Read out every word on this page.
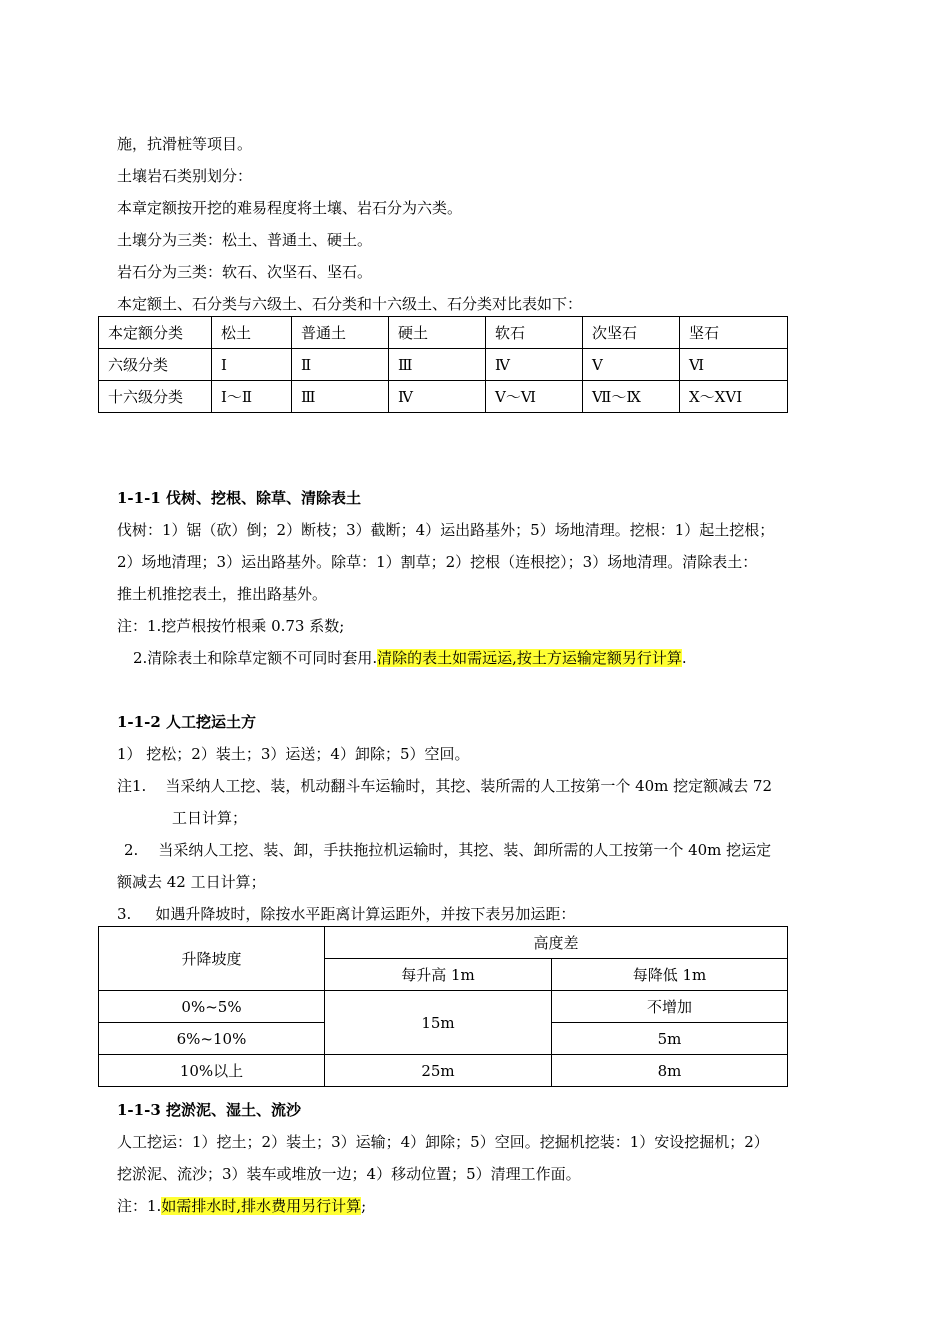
施，抗滑桩等项目。
土壤岩石类别划分：
本章定额按开挖的难易程度将土壤、岩石分为六类。
土壤分为三类：松土、普通土、硬土。
岩石分为三类：软石、次坚石、坚石。
本定额土、石分类与六级土、石分类和十六级土、石分类对比表如下：
本定额分类	松土	普通土	硬土	软石	次坚石	坚石
六级分类	Ⅰ	Ⅱ	Ⅲ	Ⅳ	Ⅴ	Ⅵ
十六级分类	Ⅰ～Ⅱ	Ⅲ	Ⅳ	Ⅴ～Ⅵ	Ⅶ～Ⅸ	Ⅹ～XVI
1-1-1 伐树、挖根、除草、清除表土
伐树：1）锯（砍）倒；2）断枝；3）截断；4）运出路基外；5）场地清理。挖根：1）起土挖根；
2）场地清理；3）运出路基外。除草：1）割草；2）挖根（连根挖）；3）场地清理。清除表土：
推土机推挖表土，推出路基外。
注：1.挖芦根按竹根乘 0.73 系数;
2.清除表土和除草定额不可同时套用.清除的表土如需远运,按土方运输定额另行计算.
1-1-2 人工挖运土方
1） 挖松；2）装土；3）运送；4）卸除；5）空回。
注1. 当采纳人工挖、装，机动翻斗车运输时，其挖、装所需的人工按第一个 40m 挖定额减去 72
工日计算；
2. 当采纳人工挖、装、卸，手扶拖拉机运输时，其挖、装、卸所需的人工按第一个 40m 挖运定
额减去 42 工日计算；
3. 如遇升降坡时，除按水平距离计算运距外，并按下表另加运距：
升降坡度	高度差	
	每升高 1m	每降低 1m
0%~5%	15m	不增加
6%~10%		5m
10%以上	25m	8m
1-1-3 挖淤泥、湿土、流沙
人工挖运：1）挖土；2）装土；3）运输；4）卸除；5）空回。挖掘机挖装：1）安设挖掘机；2）
挖淤泥、流沙；3）装车或堆放一边；4）移动位置；5）清理工作面。
注：1.如需排水时,排水费用另行计算;
